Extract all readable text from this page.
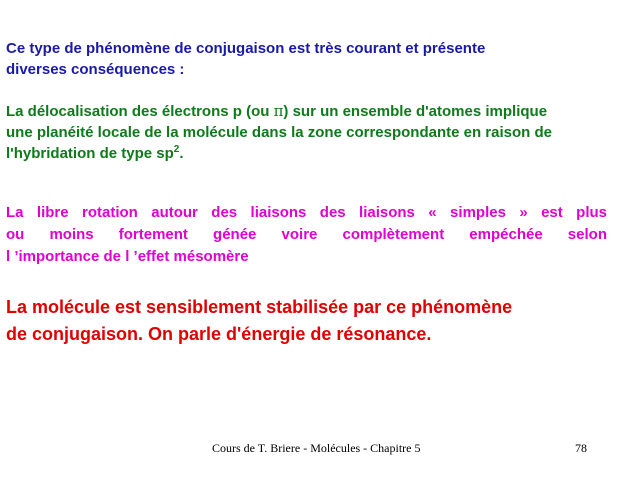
Ce type de phénomène de conjugaison est très courant et présente
diverses conséquences :

La délocalisation des électrons p (ou π) sur un ensemble d'atomes implique
une planéité locale de la molécule dans la zone correspondante en raison de
l'hybridation de type $sp^2$.

La libre rotation autour des liaisons des liaisons « simples » est plus
ou moins fortement génée voire complètement empéchée selon
l ’importance de l ’effet mésomère

La molécule est sensiblement stabilisée par ce phénomène
de conjugaison. On parle d'énergie de résonance.

Cours de T. Briere - Molécules - Chapitre 5	78
